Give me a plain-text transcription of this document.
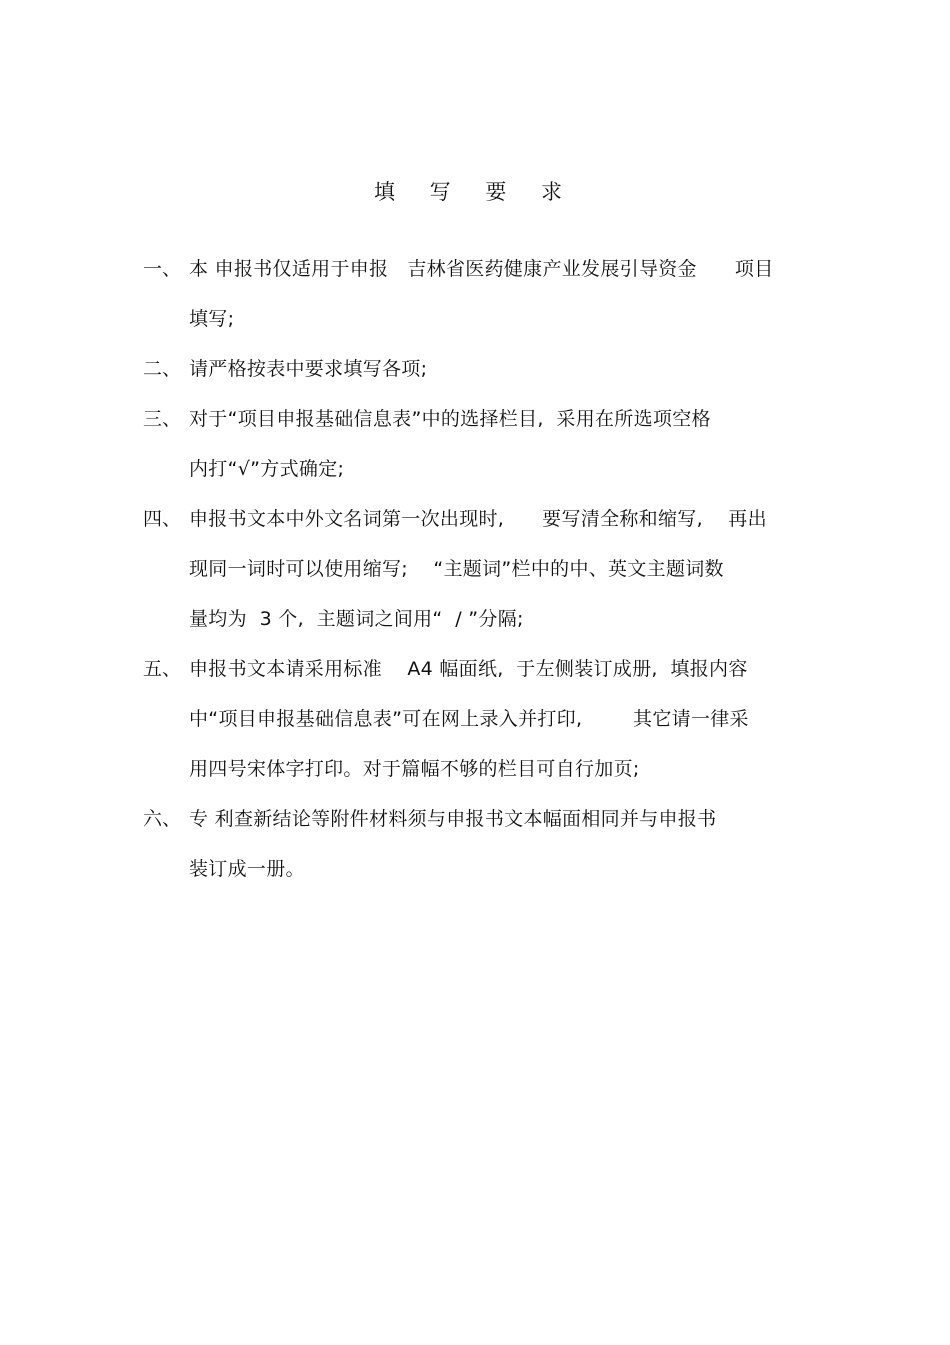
填 写 要 求
一、 本 申报书仅适用于申报   吉林省医药健康产业发展引导资金      项目
填写;
二、 请严格按表中要求填写各项;
三、 对于“项目申报基础信息表”中的选择栏目,  采用在所选项空格
内打“√”方式确定;
四、 申报书文本中外文名词第一次出现时,      要写清全称和缩写,    再出
现同一词时可以使用缩写;    “主题词”栏中的中、英文主题词数
量均为  3 个,  主题词之间用“  / ”分隔;
五、 申报书文本请采用标准    A4 幅面纸,  于左侧装订成册,  填报内容
中“项目申报基础信息表”可在网上录入并打印,        其它请一律采
用四号宋体字打印。对于篇幅不够的栏目可自行加页;
六、 专 利查新结论等附件材料须与申报书文本幅面相同并与申报书
装订成一册。
